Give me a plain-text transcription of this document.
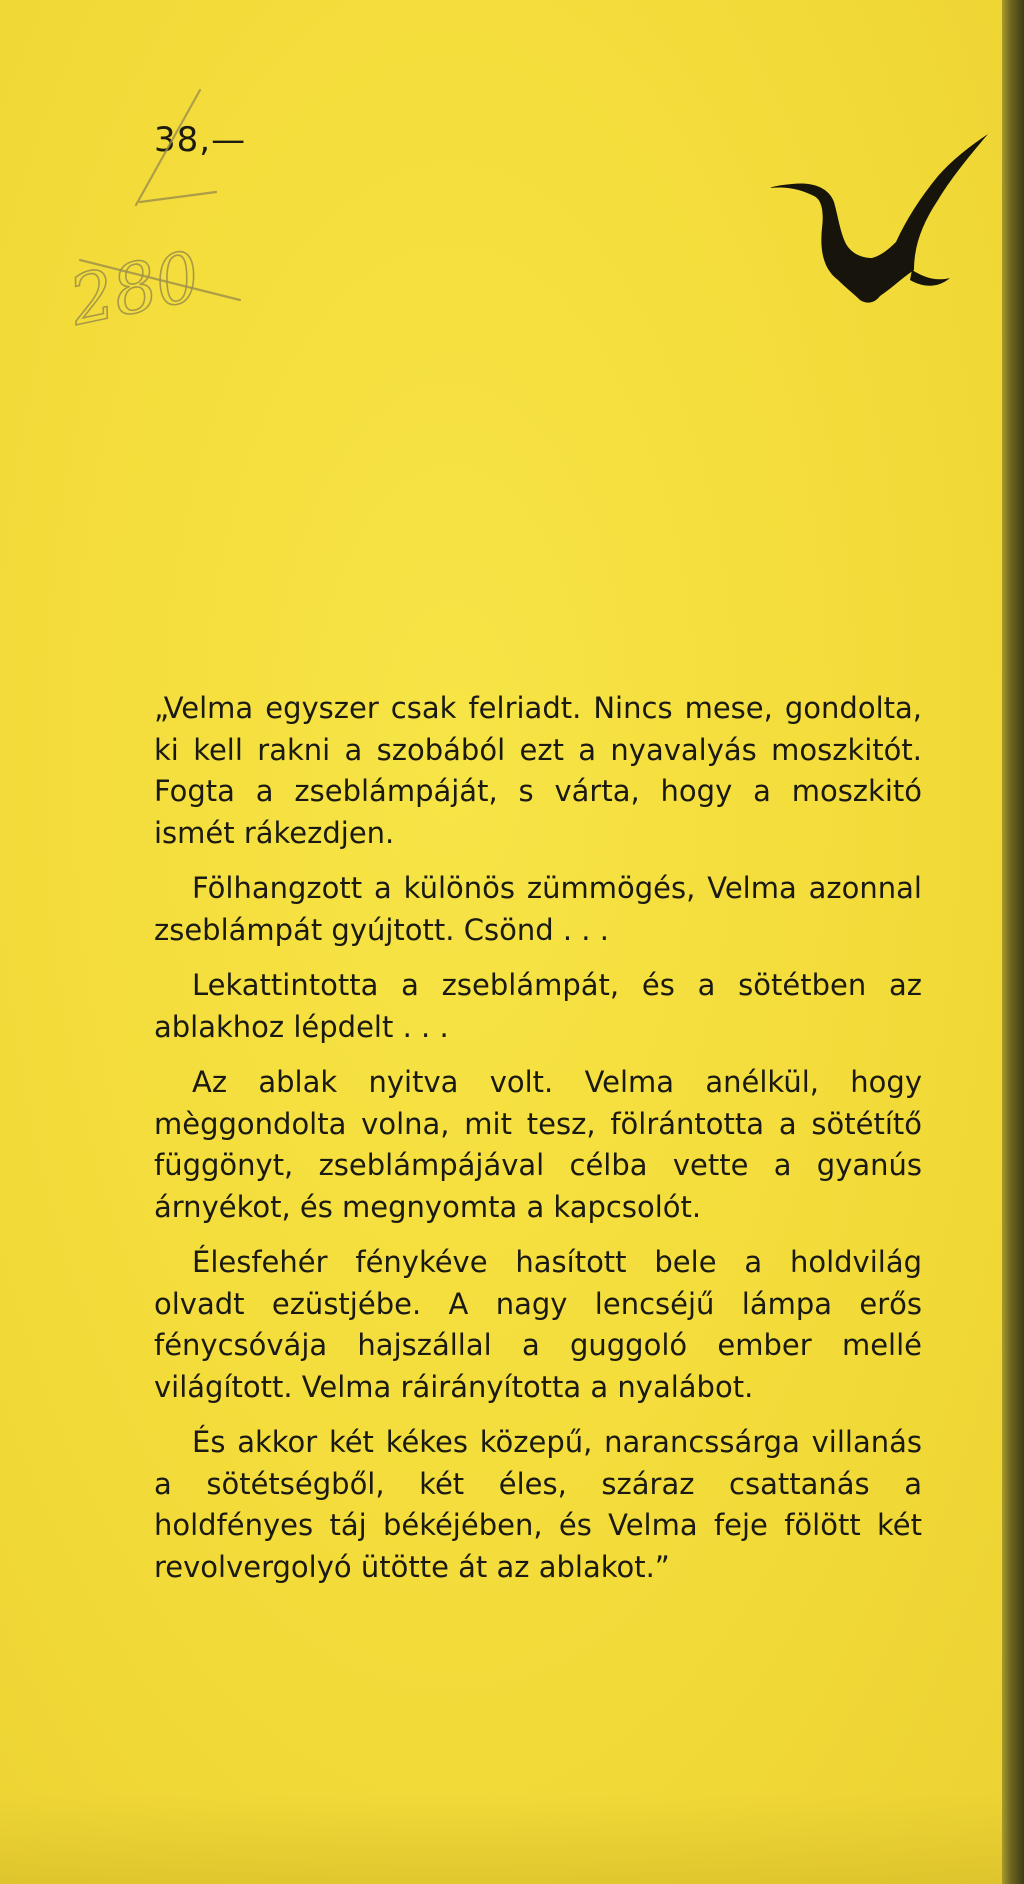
38,—
280

„Velma egyszer csak felriadt. Nincs mese, gondolta, ki kell rakni a szobából ezt a nyavalyás moszkitót. Fogta a zseblámpáját, s várta, hogy a moszkitó ismét rákezdjen.

Fölhangzott a különös zümmögés, Velma azonnal zseblámpát gyújtott. Csönd . . .

Lekattintotta a zseblámpát, és a sötétben az ablakhoz lépdelt . . .

Az ablak nyitva volt. Velma anélkül, hogy mèggondolta volna, mit tesz, fölrántotta a sötétítő függönyt, zseblámpájával célba vette a gyanús árnyékot, és megnyomta a kapcsolót.

Élesfehér fénykéve hasított bele a holdvilág olvadt ezüstjébe. A nagy lencséjű lámpa erős fénycsóvája hajszállal a guggoló ember mellé világított. Velma ráirányította a nyalábot.

És akkor két kékes közepű, narancssárga villanás a sötétségből, két éles, száraz csattanás a holdfényes táj békéjében, és Velma feje fölött két revolvergolyó ütötte át az ablakot.”
